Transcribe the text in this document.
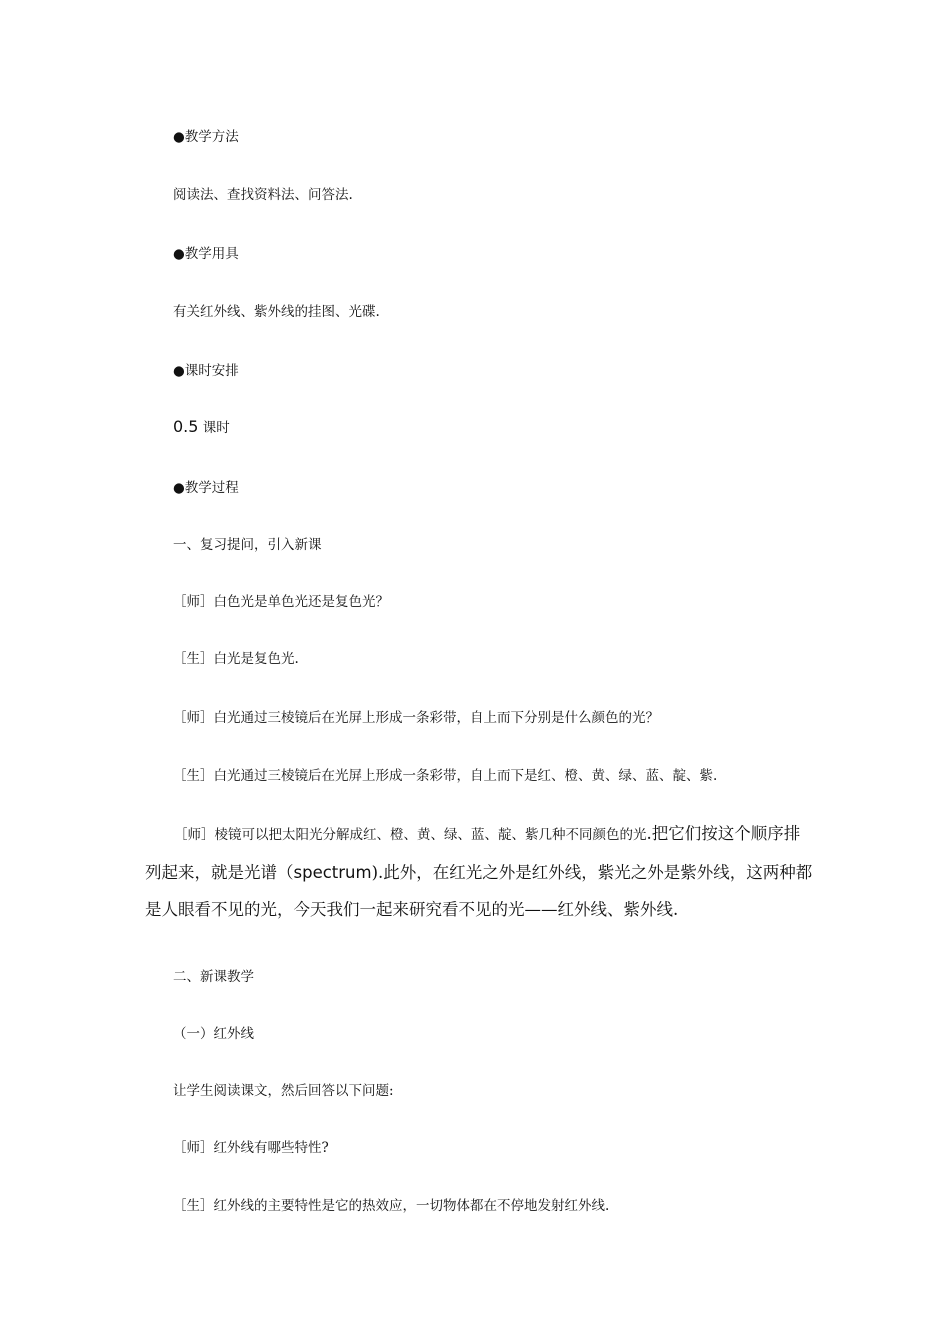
●教学方法
阅读法、查找资料法、问答法.
●教学用具
有关红外线、紫外线的挂图、光碟.
●课时安排
0.5 课时
●教学过程
一、复习提问，引入新课
［师］白色光是单色光还是复色光？
［生］白光是复色光.
［师］白光通过三棱镜后在光屏上形成一条彩带，自上而下分别是什么颜色的光？
［生］白光通过三棱镜后在光屏上形成一条彩带，自上而下是红、橙、黄、绿、蓝、靛、紫.
［师］棱镜可以把太阳光分解成红、橙、黄、绿、蓝、靛、紫几种不同颜色的光.把它们按这个顺序排列起来，就是光谱（spectrum).此外，在红光之外是红外线，紫光之外是紫外线，这两种都是人眼看不见的光，今天我们一起来研究看不见的光——红外线、紫外线.
二、新课教学
（一）红外线
让学生阅读课文，然后回答以下问题:
［师］红外线有哪些特性?
［生］红外线的主要特性是它的热效应，一切物体都在不停地发射红外线.
